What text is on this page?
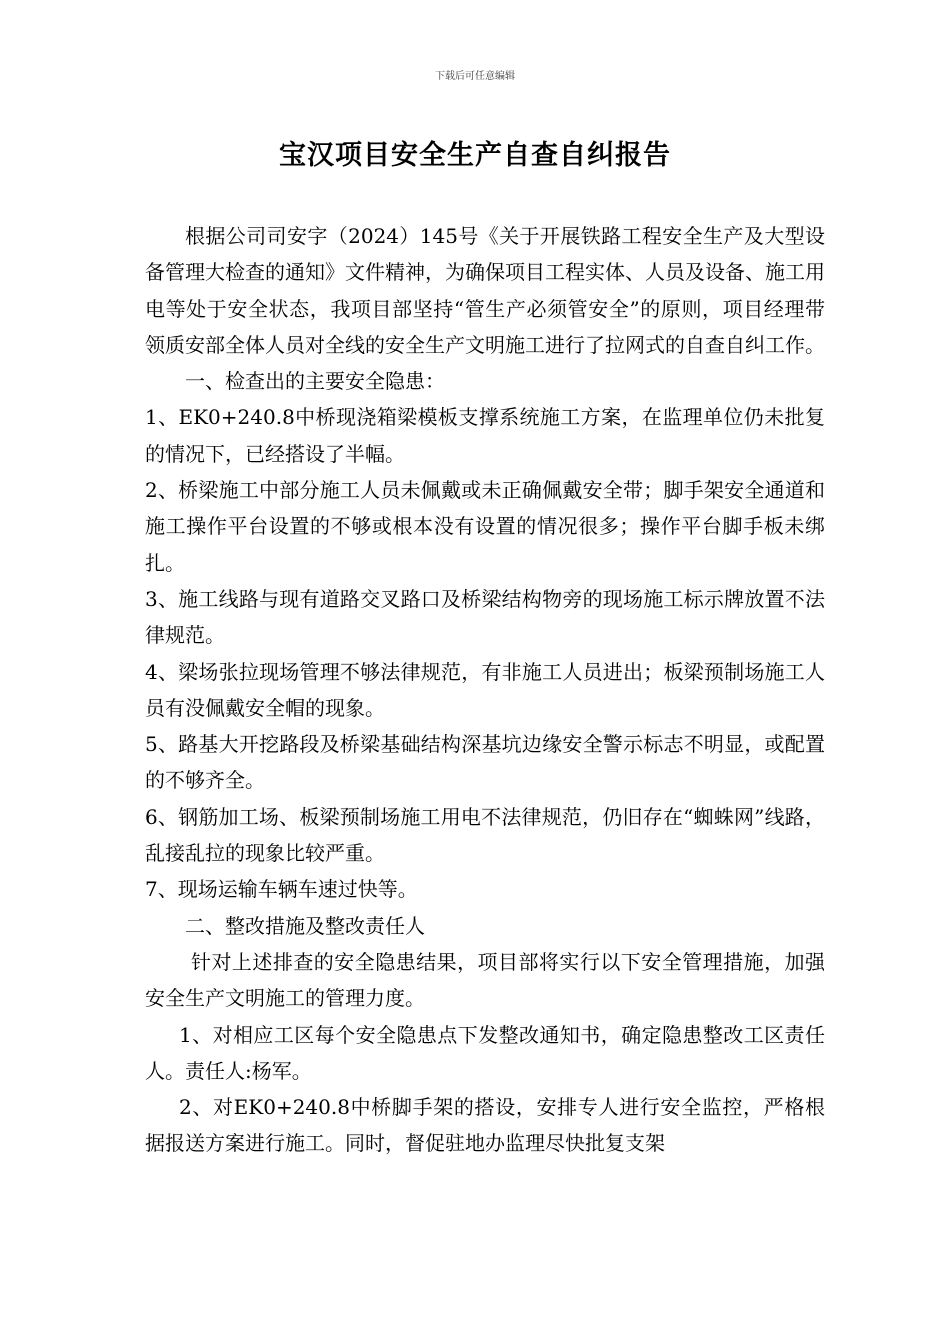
下载后可任意编辑
宝汉项目安全生产自查自纠报告

根据公司司安字（2024）145号《关于开展铁路工程安全生产及大型设备管理大检查的通知》文件精神，为确保项目工程实体、人员及设备、施工用电等处于安全状态，我项目部坚持“管生产必须管安全”的原则，项目经理带领质安部全体人员对全线的安全生产文明施工进行了拉网式的自查自纠工作。

一、检查出的主要安全隐患：

1、EK0+240.8中桥现浇箱梁模板支撑系统施工方案，在监理单位仍未批复的情况下，已经搭设了半幅。

2、桥梁施工中部分施工人员未佩戴或未正确佩戴安全带；脚手架安全通道和施工操作平台设置的不够或根本没有设置的情况很多；操作平台脚手板未绑扎。

3、施工线路与现有道路交叉路口及桥梁结构物旁的现场施工标示牌放置不法律规范。

4、梁场张拉现场管理不够法律规范，有非施工人员进出；板梁预制场施工人员有没佩戴安全帽的现象。

5、路基大开挖路段及桥梁基础结构深基坑边缘安全警示标志不明显，或配置的不够齐全。

6、钢筋加工场、板梁预制场施工用电不法律规范，仍旧存在“蜘蛛网”线路，乱接乱拉的现象比较严重。

7、现场运输车辆车速过快等。

二、整改措施及整改责任人

针对上述排查的安全隐患结果，项目部将实行以下安全管理措施，加强安全生产文明施工的管理力度。

1、对相应工区每个安全隐患点下发整改通知书，确定隐患整改工区责任人。责任人:杨军。

2、对EK0+240.8中桥脚手架的搭设，安排专人进行安全监控，严格根据报送方案进行施工。同时，督促驻地办监理尽快批复支架
